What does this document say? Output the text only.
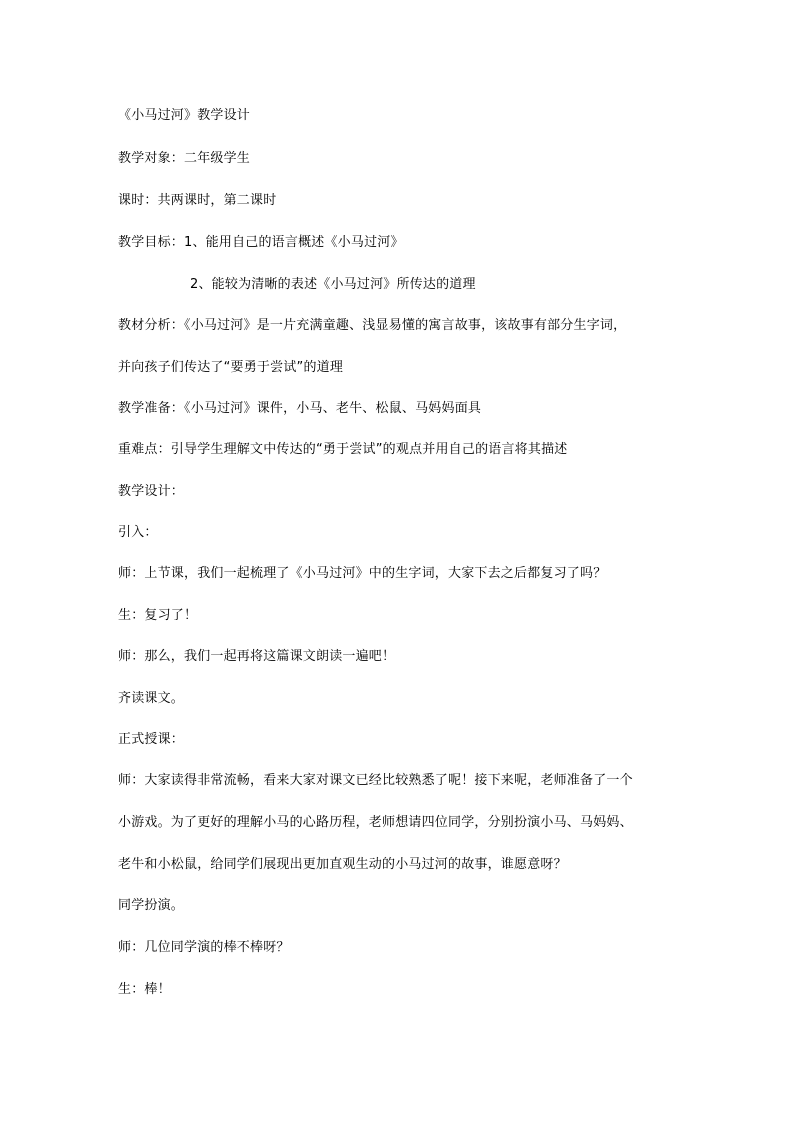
《小马过河》教学设计
教学对象：二年级学生
课时：共两课时，第二课时
教学目标：1、能用自己的语言概述《小马过河》
2、能较为清晰的表述《小马过河》所传达的道理
教材分析：《小马过河》是一片充满童趣、浅显易懂的寓言故事，该故事有部分生字词，
并向孩子们传达了“要勇于尝试”的道理
教学准备：《小马过河》课件，小马、老牛、松鼠、马妈妈面具
重难点：引导学生理解文中传达的“勇于尝试”的观点并用自己的语言将其描述
教学设计：
引入：
师：上节课，我们一起梳理了《小马过河》中的生字词，大家下去之后都复习了吗？
生：复习了！
师：那么，我们一起再将这篇课文朗读一遍吧！
齐读课文。
正式授课：
师：大家读得非常流畅，看来大家对课文已经比较熟悉了呢！接下来呢，老师准备了一个
小游戏。为了更好的理解小马的心路历程，老师想请四位同学，分别扮演小马、马妈妈、
老牛和小松鼠，给同学们展现出更加直观生动的小马过河的故事，谁愿意呀？
同学扮演。
师：几位同学演的棒不棒呀？
生：棒！
